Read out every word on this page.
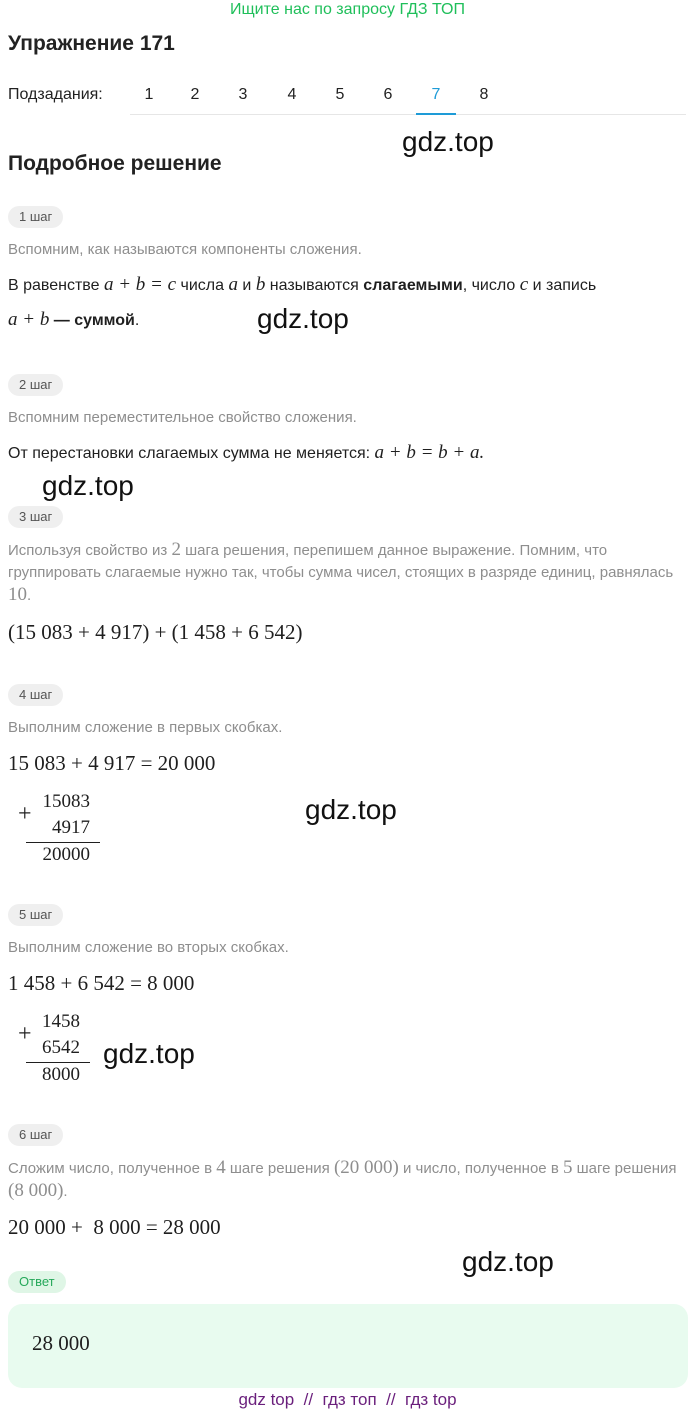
Ищите нас по запросу ГДЗ ТОП
Упражнение 171
Подзадания:	1	2	3	4	5	6	7	8
Подробное решение
gdz.top
gdz.top
gdz.top
gdz.top
gdz.top
gdz.top
1 шаг
Вспомним, как называются компоненты сложения.
В равенстве a + b = c числа a и b называются слагаемыми, число c и запись
a + b — суммой.
2 шаг
Вспомним переместительное свойство сложения.
От перестановки слагаемых сумма не меняется: a + b = b + a.
3 шаг
Используя свойство из 2 шага решения, перепишем данное выражение. Помним, что группировать слагаемые нужно так, чтобы сумма чисел, стоящих в разряде единиц, равнялась 10.
(15 083 + 4 917) + (1 458 + 6 542)
4 шаг
Выполним сложение в первых скобках.
15 083 + 4 917 = 20 000
+ 15083
4917
20000
5 шаг
Выполним сложение во вторых скобках.
1 458 + 6 542 = 8 000
+ 1458
6542
8000
6 шаг
Сложим число, полученное в 4 шаге решения (20 000) и число, полученное в 5 шаге решения (8 000).
20 000 +  8 000 = 28 000
Ответ
28 000
gdz top  //  гдз топ  //  гдз top
